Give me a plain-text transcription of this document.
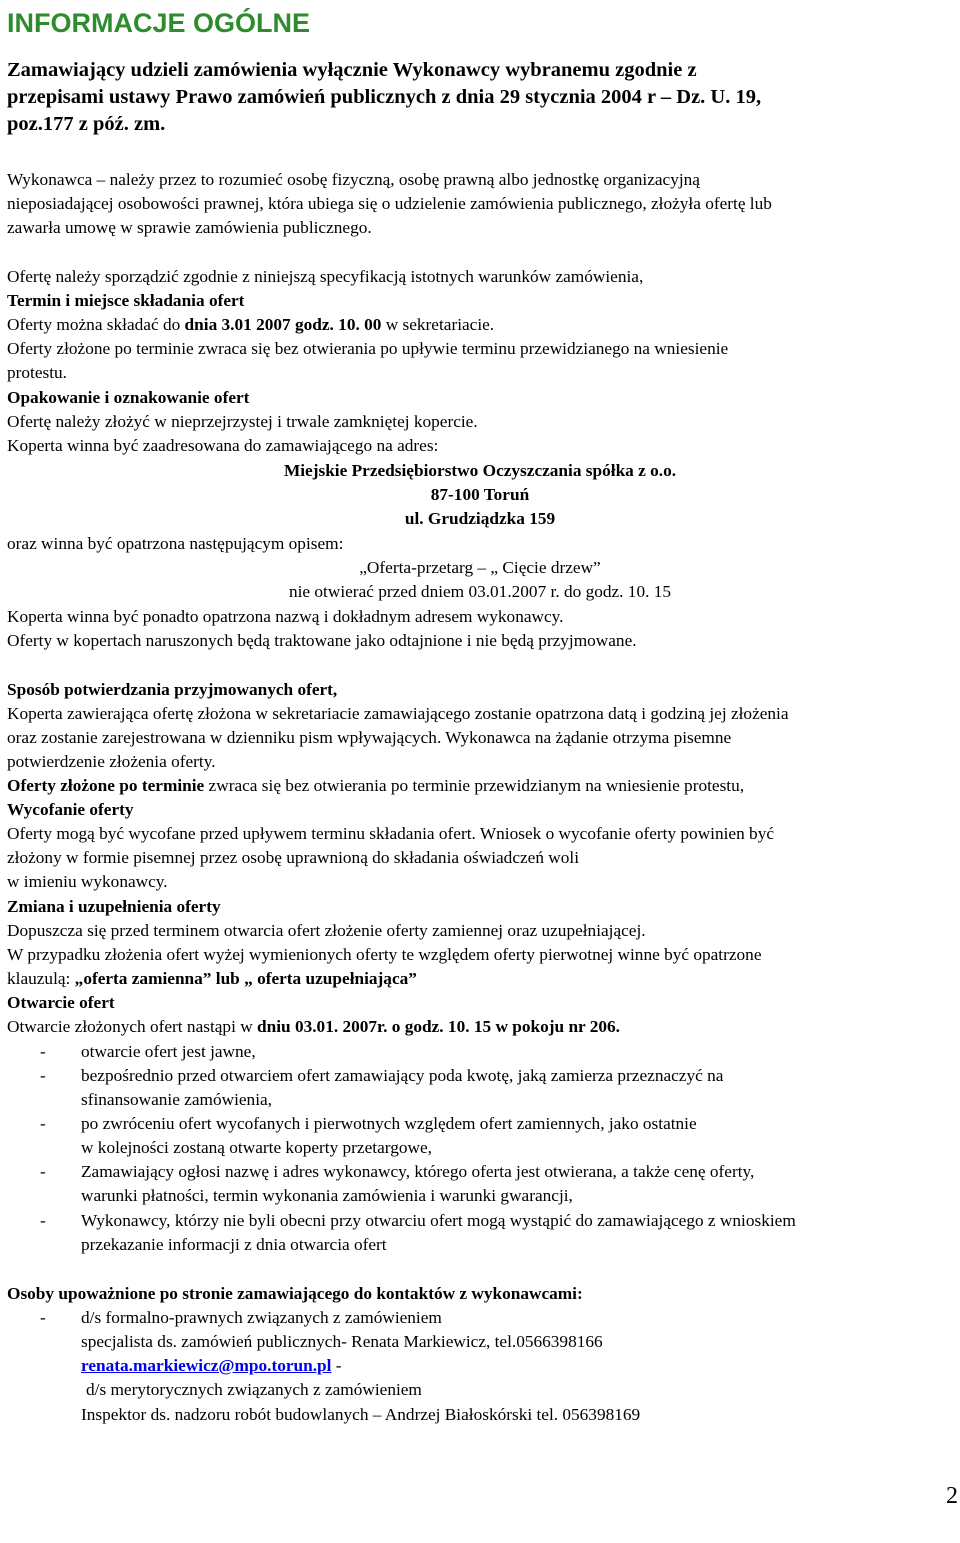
INFORMACJE OGÓLNE
Zamawiający udzieli zamówienia wyłącznie Wykonawcy wybranemu zgodnie z
przepisami ustawy Prawo zamówień publicznych z dnia 29 stycznia 2004 r – Dz. U. 19,
poz.177 z póź. zm.
Wykonawca – należy przez to rozumieć osobę fizyczną, osobę prawną albo jednostkę organizacyjną
nieposiadającej osobowości prawnej, która ubiega się o udzielenie zamówienia publicznego, złożyła ofertę lub
zawarła umowę w sprawie zamówienia publicznego.
Ofertę należy sporządzić zgodnie z niniejszą specyfikacją istotnych warunków zamówienia,
Termin i miejsce składania ofert
Oferty można składać do dnia 3.01 2007 godz. 10. 00 w sekretariacie.
Oferty złożone po terminie zwraca się bez otwierania po upływie terminu przewidzianego na wniesienie
protestu.
Opakowanie i oznakowanie ofert
Ofertę należy złożyć w nieprzejrzystej i trwale zamkniętej kopercie.
Koperta winna być zaadresowana do zamawiającego na adres:
Miejskie Przedsiębiorstwo Oczyszczania spółka z o.o.
87-100 Toruń
ul. Grudziądzka 159
oraz winna być opatrzona następującym opisem:
„Oferta-przetarg – „ Cięcie drzew”
nie otwierać przed dniem 03.01.2007 r. do godz. 10. 15
Koperta winna być ponadto opatrzona nazwą i dokładnym adresem wykonawcy.
Oferty w kopertach naruszonych będą traktowane jako odtajnione i nie będą przyjmowane.
Sposób potwierdzania przyjmowanych ofert,
Koperta zawierająca ofertę złożona w sekretariacie zamawiającego zostanie opatrzona datą i godziną jej złożenia
oraz zostanie zarejestrowana w dzienniku pism wpływających. Wykonawca na żądanie otrzyma pisemne
potwierdzenie złożenia oferty.
Oferty złożone po terminie zwraca się bez otwierania po terminie przewidzianym na wniesienie protestu,
Wycofanie oferty
Oferty mogą być wycofane przed upływem terminu składania ofert. Wniosek o wycofanie oferty powinien być
złożony w formie pisemnej przez osobę uprawnioną do składania oświadczeń woli
w imieniu wykonawcy.
Zmiana i uzupełnienia oferty
Dopuszcza się przed terminem otwarcia ofert złożenie oferty zamiennej oraz uzupełniającej.
W przypadku złożenia ofert wyżej wymienionych oferty te względem oferty pierwotnej winne być opatrzone
klauzulą: „oferta zamienna” lub „ oferta uzupełniająca”
Otwarcie ofert
Otwarcie złożonych ofert nastąpi w dniu 03.01. 2007r. o godz. 10. 15 w pokoju nr 206.
- otwarcie ofert jest jawne,
- bezpośrednio przed otwarciem ofert zamawiający poda kwotę, jaką zamierza przeznaczyć na
sfinansowanie zamówienia,
- po zwróceniu ofert wycofanych i pierwotnych względem ofert zamiennych, jako ostatnie
w kolejności zostaną otwarte koperty przetargowe,
- Zamawiający ogłosi nazwę i adres wykonawcy, którego oferta jest otwierana, a także cenę oferty,
warunki płatności, termin wykonania zamówienia i warunki gwarancji,
- Wykonawcy, którzy nie byli obecni przy otwarciu ofert mogą wystąpić do zamawiającego z wnioskiem
przekazanie informacji z dnia otwarcia ofert
Osoby upoważnione po stronie zamawiającego do kontaktów z wykonawcami:
- d/s formalno-prawnych związanych z zamówieniem
specjalista ds. zamówień publicznych- Renata Markiewicz, tel.0566398166
renata.markiewicz@mpo.torun.pl -
d/s merytorycznych związanych z zamówieniem
Inspektor ds. nadzoru robót budowlanych – Andrzej Białoskórski tel. 056398169
2
